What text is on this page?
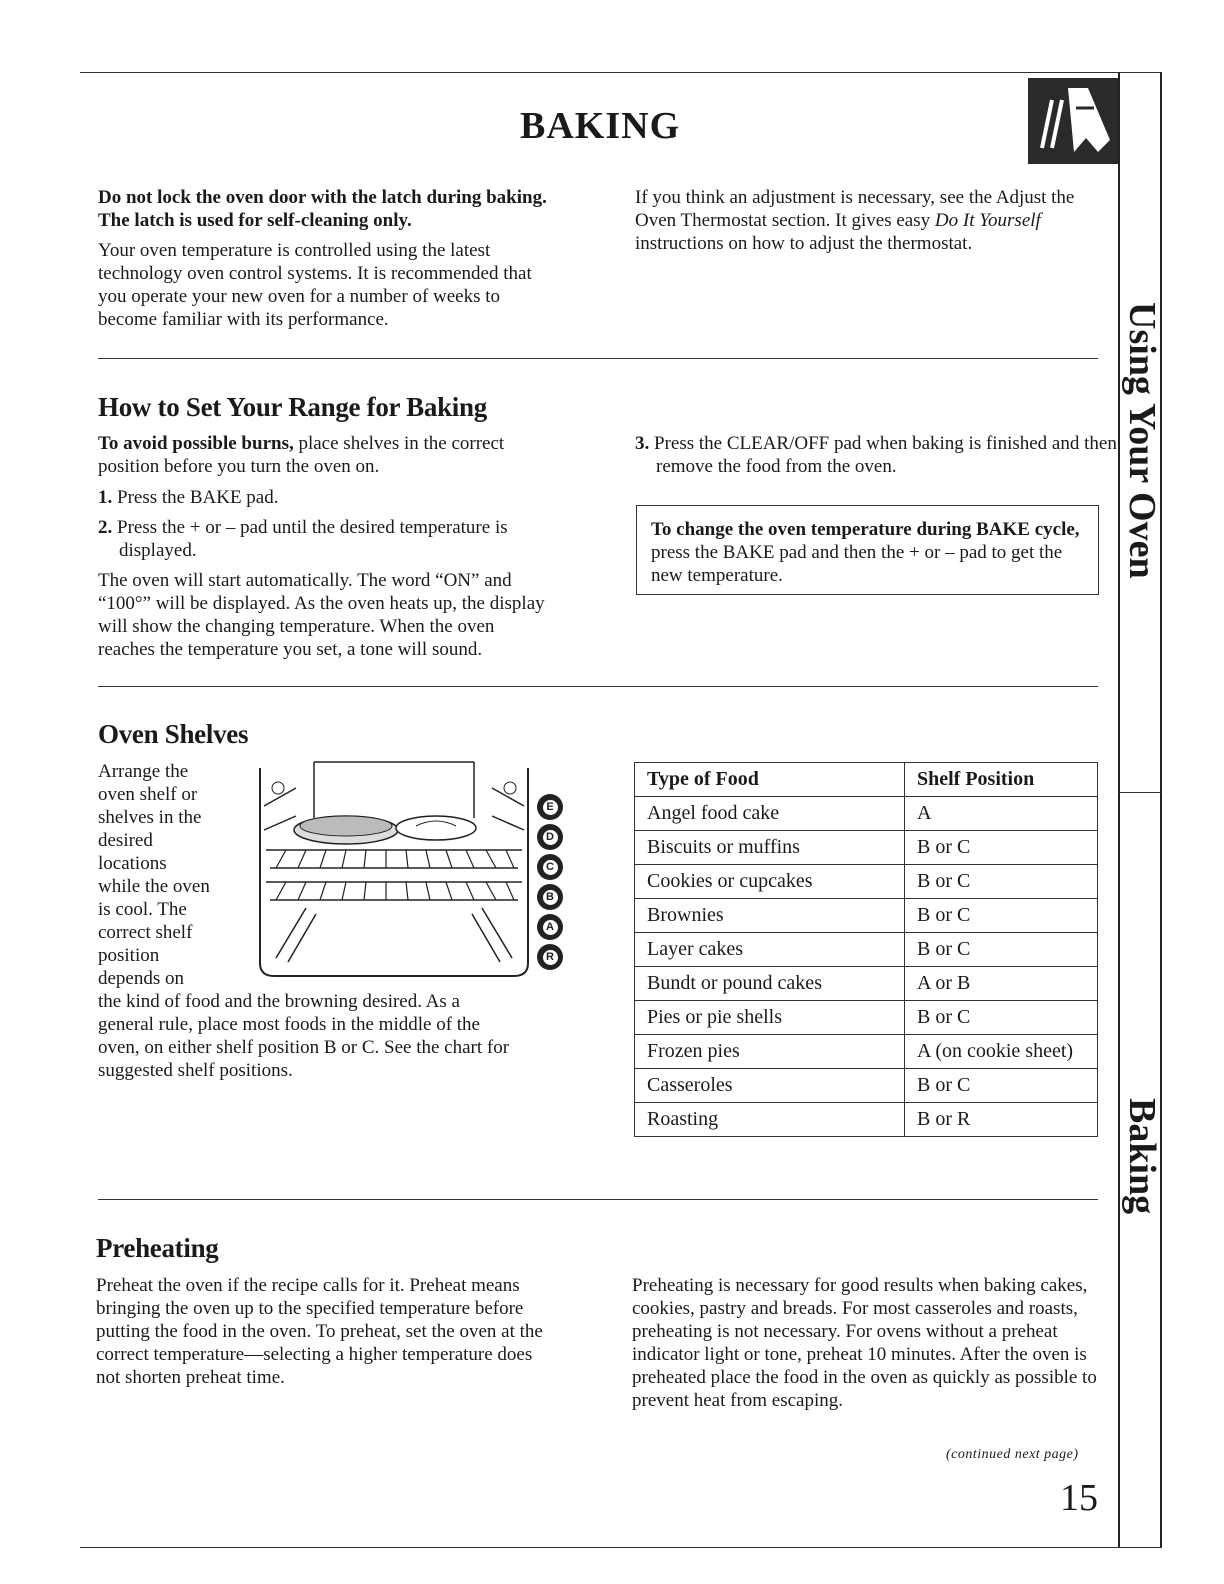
BAKING
Using Your Oven
Baking

Do not lock the oven door with the latch during baking. The latch is used for self-cleaning only.

Your oven temperature is controlled using the latest technology oven control systems. It is recommended that you operate your new oven for a number of weeks to become familiar with its performance.

If you think an adjustment is necessary, see the Adjust the Oven Thermostat section. It gives easy Do It Yourself instructions on how to adjust the thermostat.

How to Set Your Range for Baking

To avoid possible burns, place shelves in the correct position before you turn the oven on.

1. Press the BAKE pad.

2. Press the + or – pad until the desired temperature is displayed.

The oven will start automatically. The word “ON” and “100°” will be displayed. As the oven heats up, the display will show the changing temperature. When the oven reaches the temperature you set, a tone will sound.

3. Press the CLEAR/OFF pad when baking is finished and then remove the food from the oven.

To change the oven temperature during BAKE cycle, press the BAKE pad and then the + or – pad to get the new temperature.

Oven Shelves

Arrange the oven shelf or shelves in the desired locations while the oven is cool. The correct shelf position depends on the kind of food and the browning desired. As a general rule, place most foods in the middle of the oven, on either shelf position B or C. See the chart for suggested shelf positions.

E
D
C
B
A
R
Type of Food	Shelf Position
Angel food cake	A
Biscuits or muffins	B or C
Cookies or cupcakes	B or C
Brownies	B or C
Layer cakes	B or C
Bundt or pound cakes	A or B
Pies or pie shells	B or C
Frozen pies	A (on cookie sheet)
Casseroles	B or C
Roasting	B or R
Preheating

Preheat the oven if the recipe calls for it. Preheat means bringing the oven up to the specified temperature before putting the food in the oven. To preheat, set the oven at the correct temperature—selecting a higher temperature does not shorten preheat time.

Preheating is necessary for good results when baking cakes, cookies, pastry and breads. For most casseroles and roasts, preheating is not necessary. For ovens without a preheat indicator light or tone, preheat 10 minutes. After the oven is preheated place the food in the oven as quickly as possible to prevent heat from escaping.

(continued next page)
15
